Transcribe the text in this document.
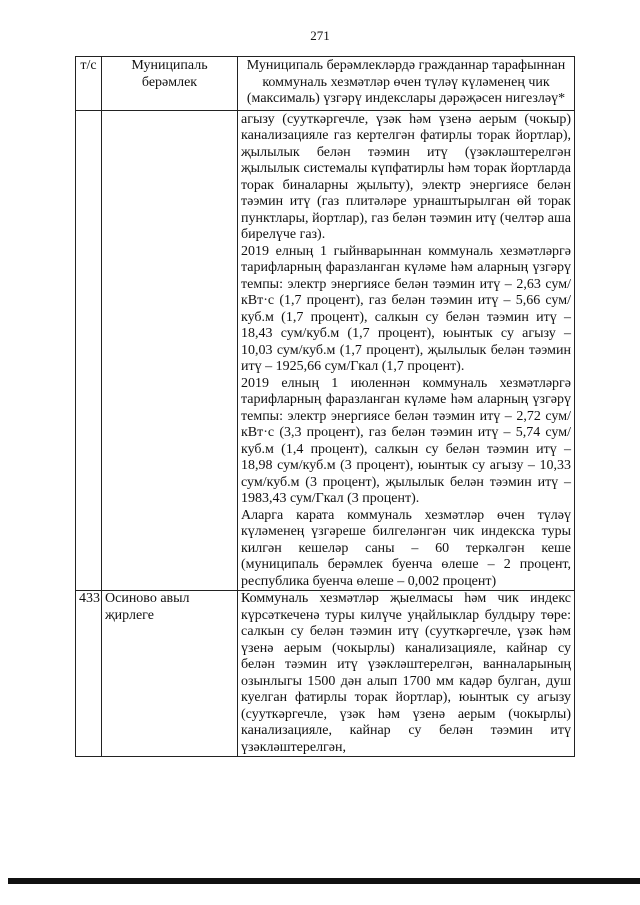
271
т/с	Муниципаль берәмлек	Муниципаль берәмлекләрдә гражданнар тарафыннан коммуналь хезмәтләр өчен түләү күләменең чик (максималь) үзгәрү индекслары дәрәҗәсен нигезләү*

		агызу (сууткәргечле, үзәк һәм үзенә аерым (чокыр) канализацияле газ кертелгән фатирлы торак йортлар), җылылык белән тәэмин итү (үзәкләштерелгән җылылык системалы күпфатирлы һәм торак йортларда торак биналарны җылыту), электр энергиясе белән тәэмин итү (газ плитәләре урнаштырылган өй торак пунктлары, йортлар), газ белән тәэмин итү (челтәр аша бирелүче газ).

2019 елның 1 гыйнварыннан коммуналь хезмәтләргә тарифларның фаразланган күләме һәм аларның үзгәрү темпы: электр энергиясе белән тәэмин итү – 2,63 сум/кВт·с (1,7 процент), газ белән тәэмин итү – 5,66 сум/куб.м (1,7 процент), салкын су белән тәэмин итү – 18,43 сум/куб.м (1,7 процент), юынтык су агызу – 10,03 сум/куб.м (1,7 процент), җылылык белән тәэмин итү – 1925,66 сум/Гкал (1,7 процент).

2019 елның 1 июленнән коммуналь хезмәтләргә тарифларның фаразланган күләме һәм аларның үзгәрү темпы: электр энергиясе белән тәэмин итү – 2,72 сум/кВт·с (3,3 процент), газ белән тәэмин итү – 5,74 сум/куб.м (1,4 процент), салкын су белән тәэмин итү – 18,98 сум/куб.м (3 процент), юынтык су агызу – 10,33 сум/куб.м (3 процент), җылылык белән тәэмин итү – 1983,43 сум/Гкал (3 процент).

Аларга карата коммуналь хезмәтләр өчен түләү күләменең үзгәреше билгеләнгән чик индекска туры килгән кешеләр саны – 60 теркәлгән кеше (муниципаль берәмлек буенча өлеше – 2 процент, республика буенча өлеше – 0,002 процент)

433	Осиново авыл җирлеге	Коммуналь хезмәтләр җыелмасы һәм чик индекс күрсәткеченә туры килүче уңайлыклар булдыру төре: салкын су белән тәэмин итү (сууткәргечле, үзәк һәм үзенә аерым (чокырлы) канализацияле, кайнар су белән тәэмин итү үзәкләштерелгән, ванналарының озынлыгы 1500 дән алып 1700 мм кадәр булган, душ куелган фатирлы торак йортлар), юынтык су агызу (сууткәргечле, үзәк һәм үзенә аерым (чокырлы) канализацияле, кайнар су белән тәэмин итү үзәкләштерелгән,
